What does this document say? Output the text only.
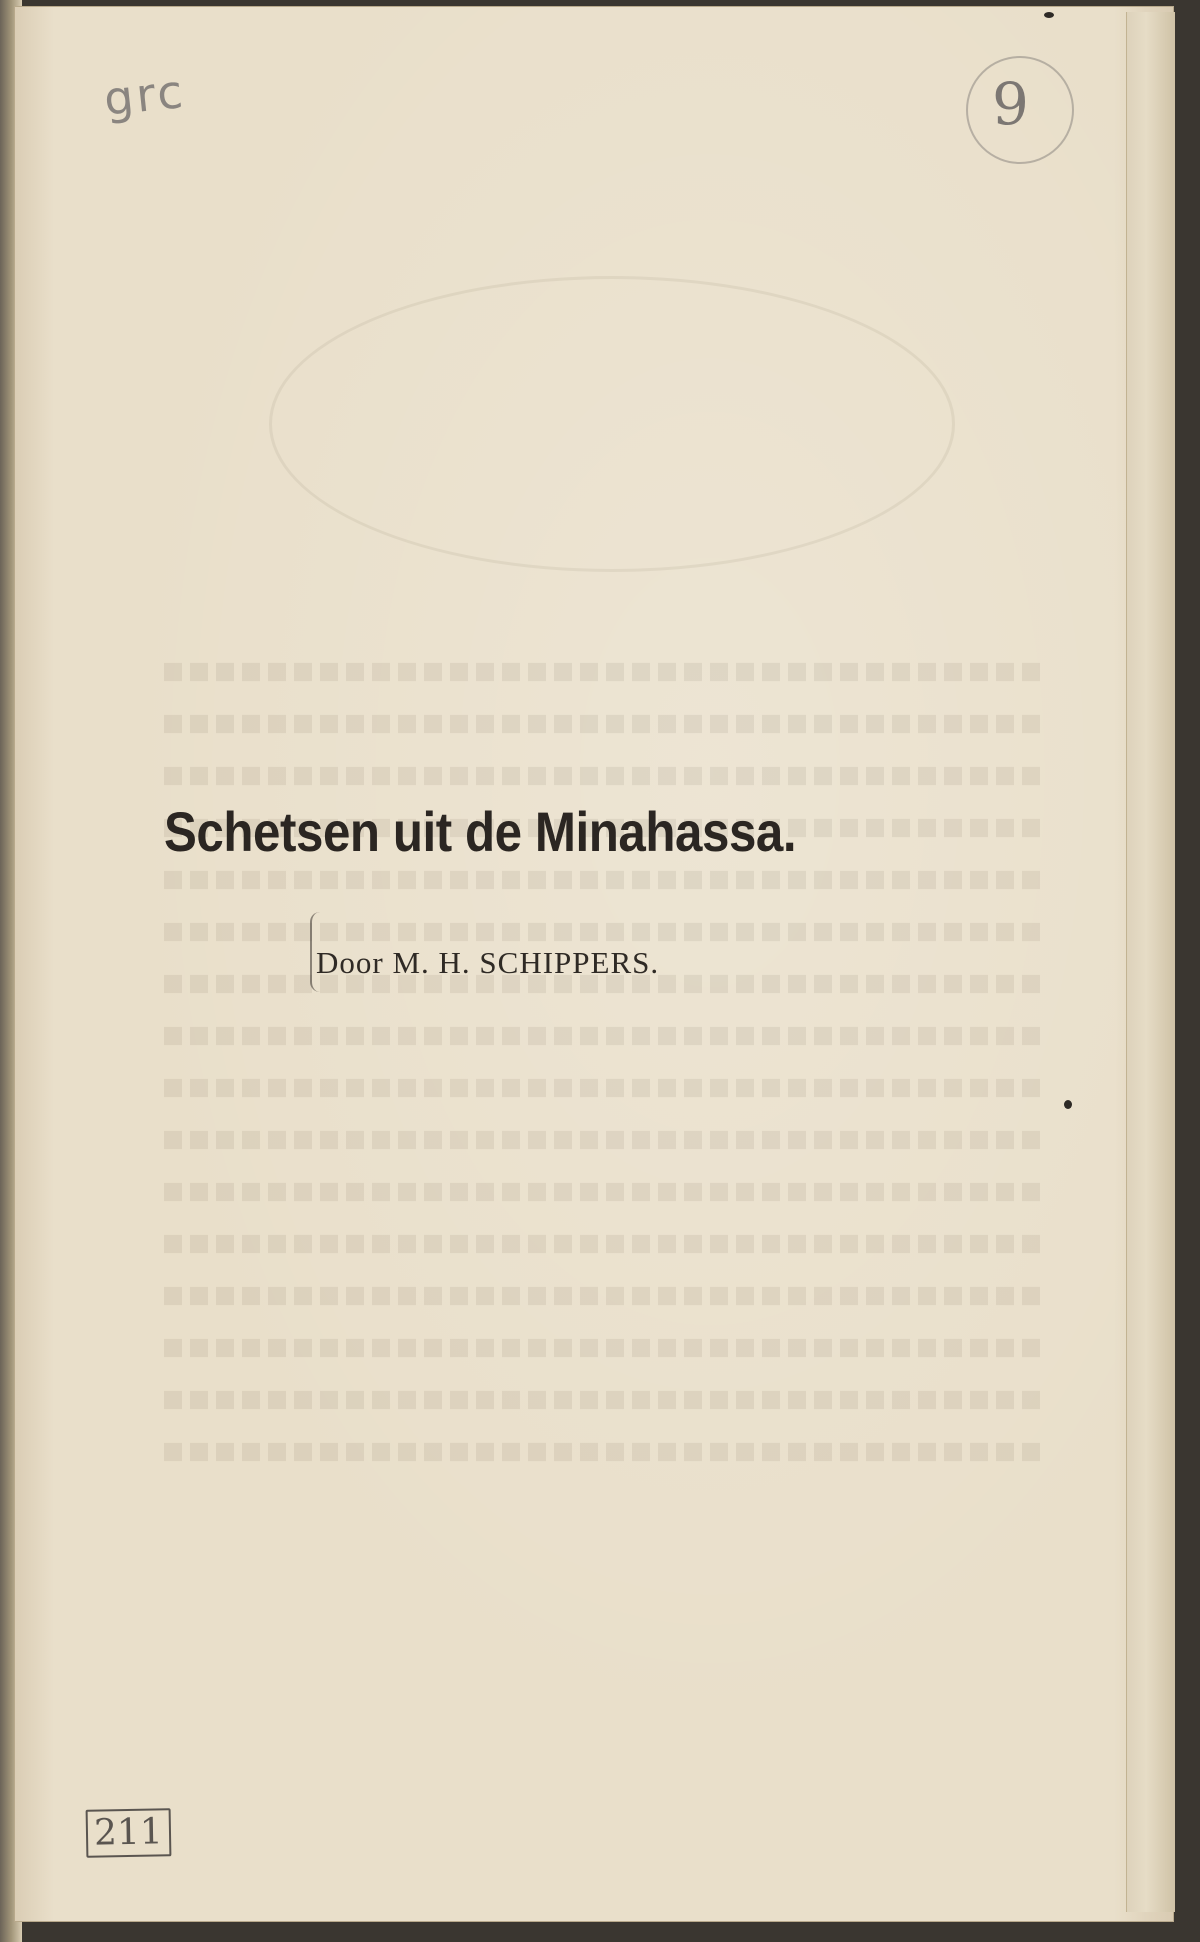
grc	9
Schetsen uit de Minahassa.

Door M. H. SCHIPPERS.

211
